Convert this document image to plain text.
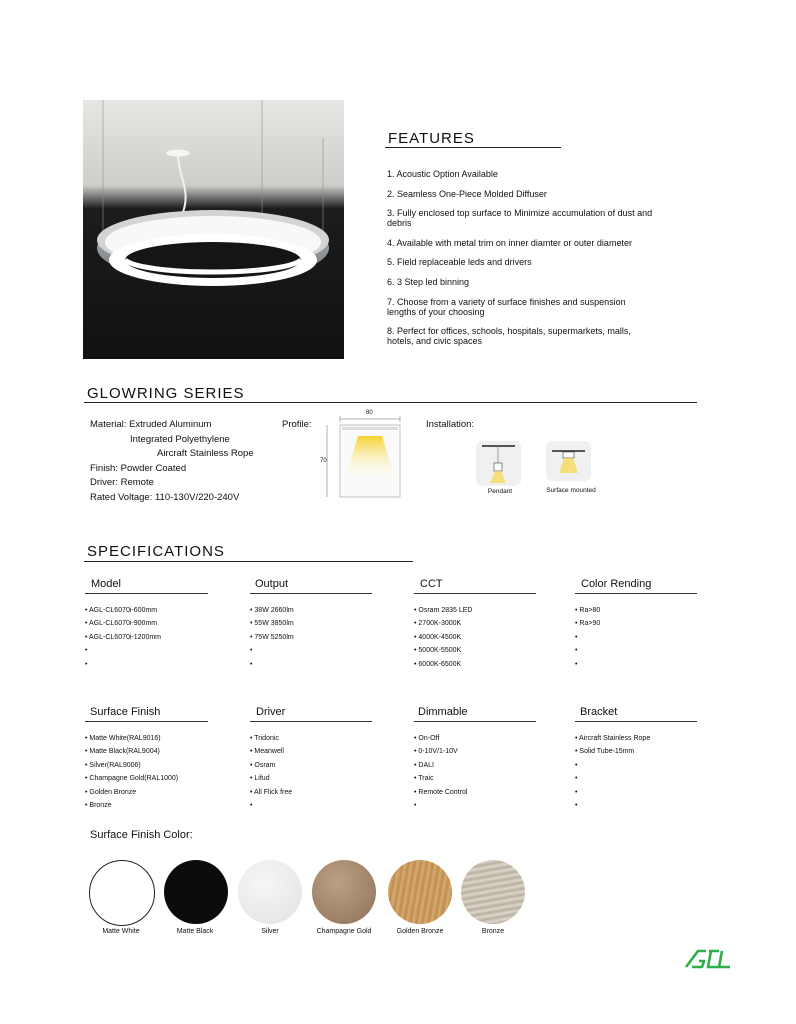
FEATURES
1. Acoustic Option Available
2. Seamless One-Piece Molded Diffuser
3. Fully enclosed top surface to Minimize accumulation of dust and debris
4. Available with metal trim on inner diamter or outer diameter
5. Field replaceable leds and drivers
6. 3 Step led binning
7. Choose from a variety of surface finishes and suspension lengths of your choosing
8. Perfect for offices, schools, hospitals, supermarkets, malls, hotels, and civic spaces
GLOWRING SERIES
Material: Extruded Aluminum
Integrated Polyethylene
Aircraft Stainless Rope
Finish: Powder Coated
Driver: Remote
Rated Voltage: 110-130V/220-240V
Profile:
80
70
Installation:
Pendant	Surface mounted
SPECIFICATIONS
Model
• AGL-CL6070i-600mm
• AGL-CL6070i-900mm
• AGL-CL6070i-1200mm
•
•
Output
• 38W 2660lm
• 55W 3850lm
• 75W 5250lm
•
•
CCT
• Osram 2835 LED
• 2700K-3000K
• 4000K-4500K
• 5000K-5500K
• 6000K-6500K
Color Rending
• Ra>80
• Ra>90
•
•
•
Surface Finish
• Matte White(RAL9016)
• Matte Black(RAL9004)
• Silver(RAL9006)
• Champagne Gold(RAL1000)
• Golden Bronze
• Bronze
Driver
• Tridonic
• Meanwell
• Osram
• Lifud
• All Flick free
•
Dimmable
• On-Off
• 0-10V/1-10V
• DALI
• Traic
• Remote Control
•
Bracket
• Aircraft Stainless Rope
• Solid Tube-15mm
•
•
•
•
Surface Finish Color:
Matte White	Matte Black	Silver	Champagne Gold	Golden Bronze	Bronze
